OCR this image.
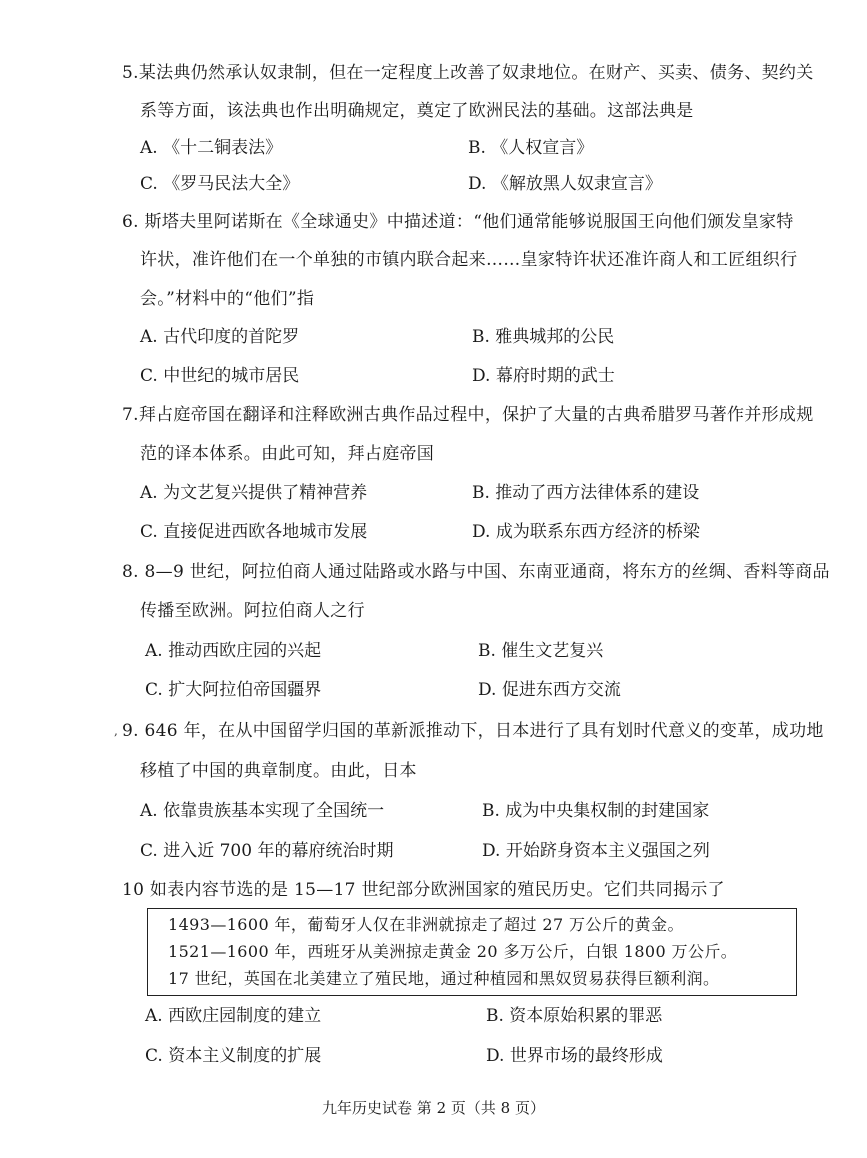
5.某法典仍然承认奴隶制，但在一定程度上改善了奴隶地位。在财产、买卖、债务、契约关
系等方面，该法典也作出明确规定，奠定了欧洲民法的基础。这部法典是
A. 《十二铜表法》	B. 《人权宣言》
C. 《罗马民法大全》	D. 《解放黑人奴隶宣言》
6. 斯塔夫里阿诺斯在《全球通史》中描述道：“他们通常能够说服国王向他们颁发皇家特
许状，准许他们在一个单独的市镇内联合起来……皇家特许状还准许商人和工匠组织行
会。”材料中的“他们”指
A. 古代印度的首陀罗	B. 雅典城邦的公民
C. 中世纪的城市居民	D. 幕府时期的武士
7.拜占庭帝国在翻译和注释欧洲古典作品过程中，保护了大量的古典希腊罗马著作并形成规
范的译本体系。由此可知，拜占庭帝国
A. 为文艺复兴提供了精神营养	B. 推动了西方法律体系的建设
C. 直接促进西欧各地城市发展	D. 成为联系东西方经济的桥梁
8. 8—9 世纪，阿拉伯商人通过陆路或水路与中国、东南亚通商，将东方的丝绸、香料等商品
传播至欧洲。阿拉伯商人之行
A. 推动西欧庄园的兴起	B. 催生文艺复兴
C. 扩大阿拉伯帝国疆界	D. 促进东西方交流
, 9. 646 年，在从中国留学归国的革新派推动下，日本进行了具有划时代意义的变革，成功地
移植了中国的典章制度。由此，日本
A. 依靠贵族基本实现了全国统一	B. 成为中央集权制的封建国家
C. 进入近 700 年的幕府统治时期	D. 开始跻身资本主义强国之列
10 如表内容节选的是 15—17 世纪部分欧洲国家的殖民历史。它们共同揭示了
1493—1600 年，葡萄牙人仅在非洲就掠走了超过 27 万公斤的黄金。
1521—1600 年，西班牙从美洲掠走黄金 20 多万公斤，白银 1800 万公斤。
17 世纪，英国在北美建立了殖民地，通过种植园和黑奴贸易获得巨额利润。
A. 西欧庄园制度的建立	B. 资本原始积累的罪恶
C. 资本主义制度的扩展	D. 世界市场的最终形成
九年历史试卷 第 2 页（共 8 页）
